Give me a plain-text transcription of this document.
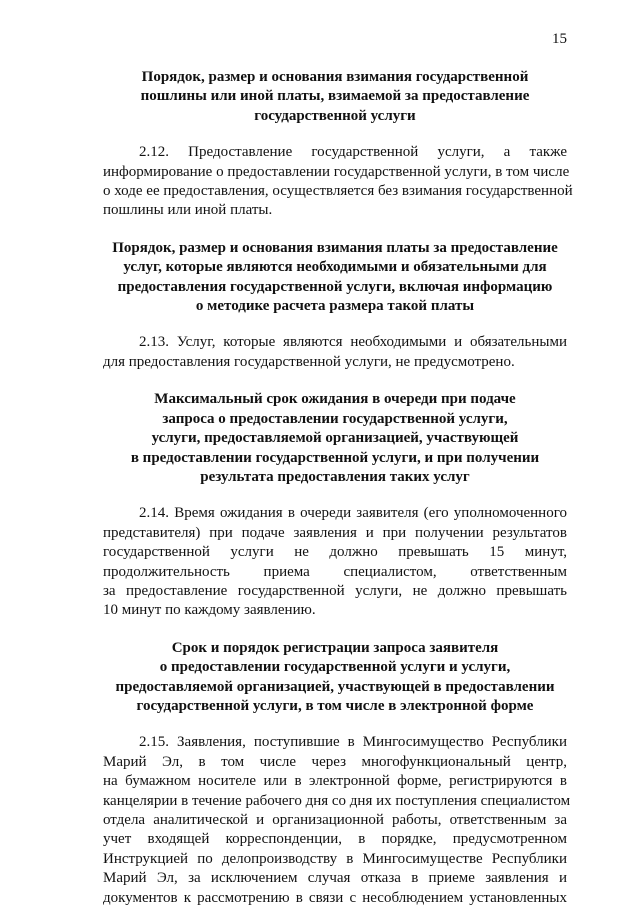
15
Порядок, размер и основания взимания государственной
пошлины или иной платы, взимаемой за предоставление
государственной услуги
2.12. Предоставление государственной услуги, а также
информирование о предоставлении государственной услуги, в том числе
о ходе ее предоставления, осуществляется без взимания государственной
пошлины или иной платы.
Порядок, размер и основания взимания платы за предоставление
услуг, которые являются необходимыми и обязательными для
предоставления государственной услуги, включая информацию
о методике расчета размера такой платы
2.13. Услуг, которые являются необходимыми и обязательными
для предоставления государственной услуги, не предусмотрено.
Максимальный срок ожидания в очереди при подаче
запроса о предоставлении государственной услуги,
услуги, предоставляемой организацией, участвующей
в предоставлении государственной услуги, и при получении
результата предоставления таких услуг
2.14. Время ожидания в очереди заявителя (его уполномоченного
представителя) при подаче заявления и при получении результатов
государственной услуги не должно превышать 15 минут,
продолжительность приема специалистом, ответственным
за предоставление государственной услуги, не должно превышать
10 минут по каждому заявлению.
Срок и порядок регистрации запроса заявителя
о предоставлении государственной услуги и услуги,
предоставляемой организацией, участвующей в предоставлении
государственной услуги, в том числе в электронной форме
2.15. Заявления, поступившие в Мингосимущество Республики
Марий Эл, в том числе через многофункциональный центр,
на бумажном носителе или в электронной форме, регистрируются в
канцелярии в течение рабочего дня со дня их поступления специалистом
отдела аналитической и организационной работы, ответственным за
учет входящей корреспонденции, в порядке, предусмотренном
Инструкцией по делопроизводству в Мингосимуществе Республики
Марий Эл, за исключением случая отказа в приеме заявления и
документов к рассмотрению в связи с несоблюдением установленных
